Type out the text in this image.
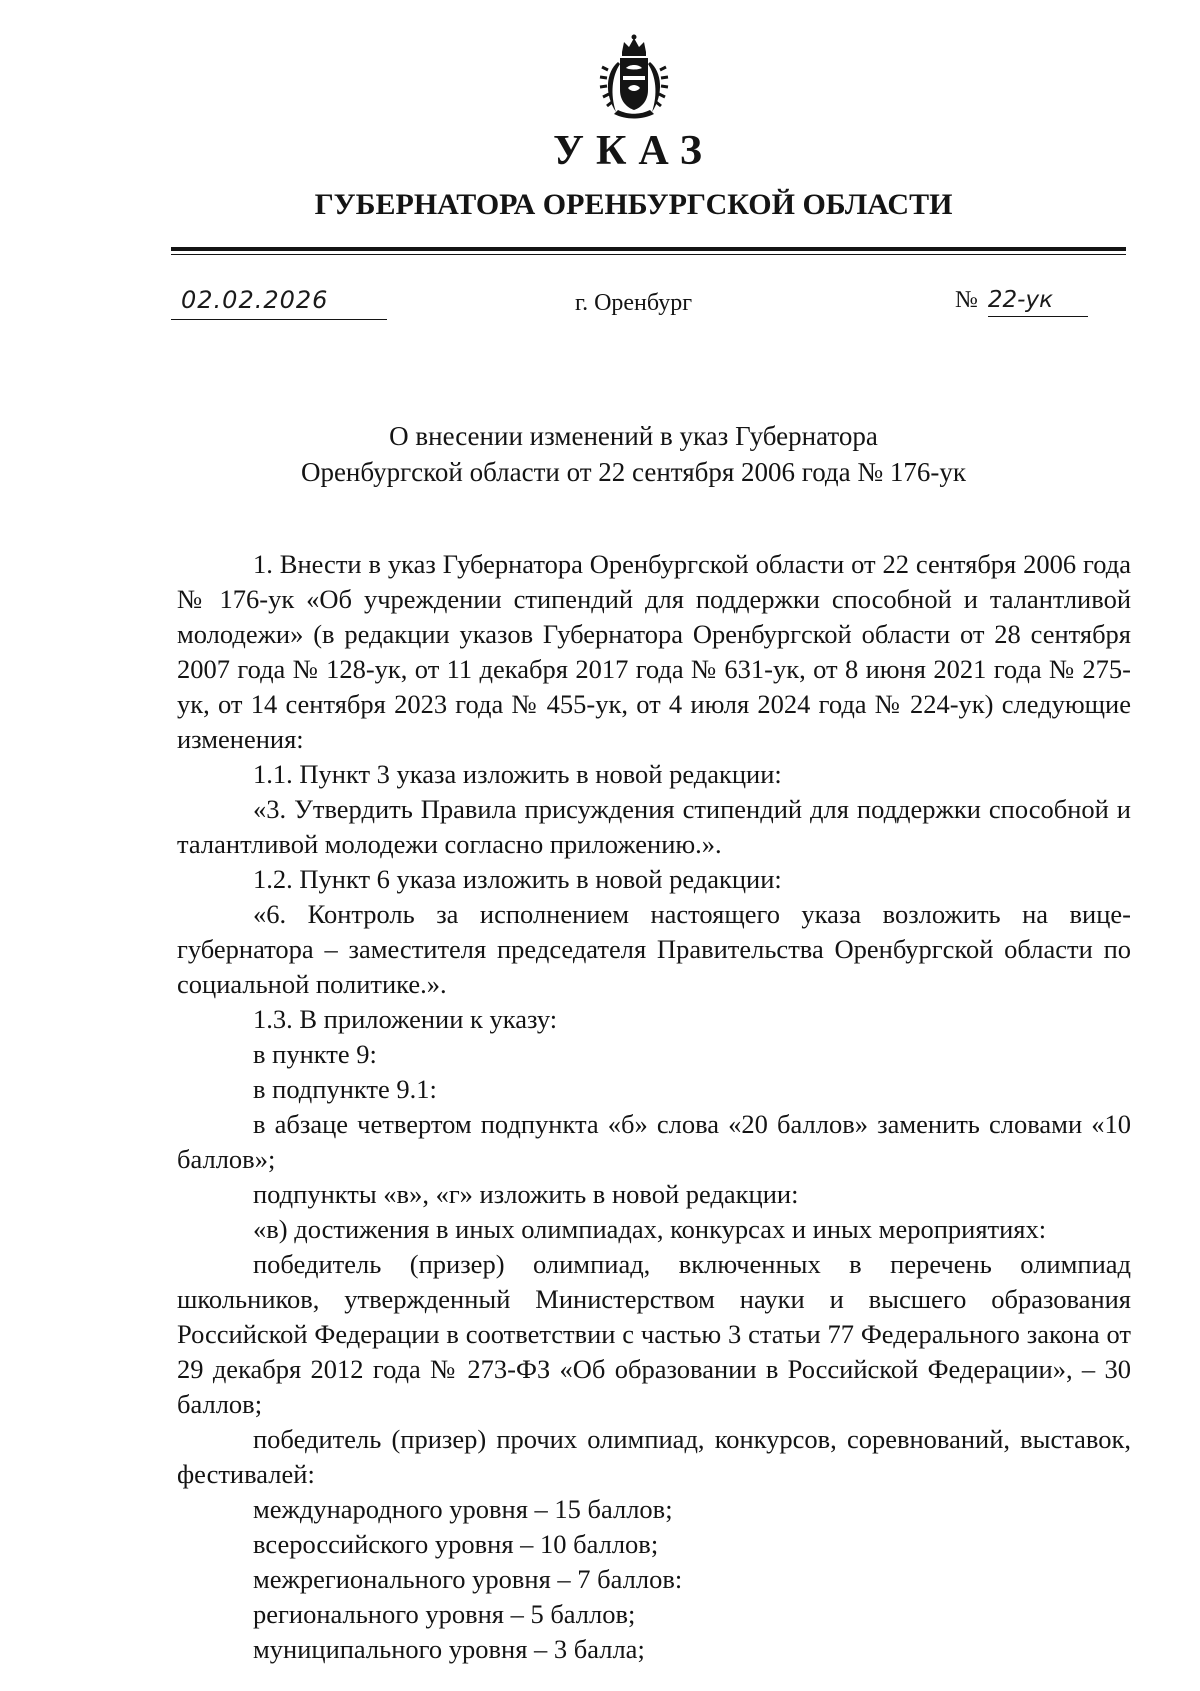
УКАЗ
ГУБЕРНАТОРА ОРЕНБУРГСКОЙ ОБЛАСТИ
02.02.2026	г. Оренбург	№ 22-ук
О внесении изменений в указ Губернатора
Оренбургской области от 22 сентября 2006 года № 176-ук

1. Внести в указ Губернатора Оренбургской области от 22 сентября 2006 года № 176-ук «Об учреждении стипендий для поддержки способной и талантливой молодежи» (в редакции указов Губернатора Оренбургской области от 28 сентября 2007 года № 128-ук, от 11 декабря 2017 года № 631-ук, от 8 июня 2021 года № 275-ук, от 14 сентября 2023 года № 455-ук, от 4 июля 2024 года № 224-ук) следующие изменения:

1.1. Пункт 3 указа изложить в новой редакции:

«3. Утвердить Правила присуждения стипендий для поддержки способной и талантливой молодежи согласно приложению.».

1.2. Пункт 6 указа изложить в новой редакции:

«6. Контроль за исполнением настоящего указа возложить на вице-губернатора – заместителя председателя Правительства Оренбургской области по социальной политике.».

1.3. В приложении к указу:

в пункте 9:

в подпункте 9.1:

в абзаце четвертом подпункта «б» слова «20 баллов» заменить словами «10 баллов»;

подпункты «в», «г» изложить в новой редакции:

«в) достижения в иных олимпиадах, конкурсах и иных мероприятиях:

победитель (призер) олимпиад, включенных в перечень олимпиад школьников, утвержденный Министерством науки и высшего образования Российской Федерации в соответствии с частью 3 статьи 77 Федерального закона от 29 декабря 2012 года № 273-ФЗ «Об образовании в Российской Федерации», – 30 баллов;

победитель (призер) прочих олимпиад, конкурсов, соревнований, выставок, фестивалей:

международного уровня – 15 баллов;

всероссийского уровня – 10 баллов;

межрегионального уровня – 7 баллов:

регионального уровня – 5 баллов;

муниципального уровня – 3 балла;
